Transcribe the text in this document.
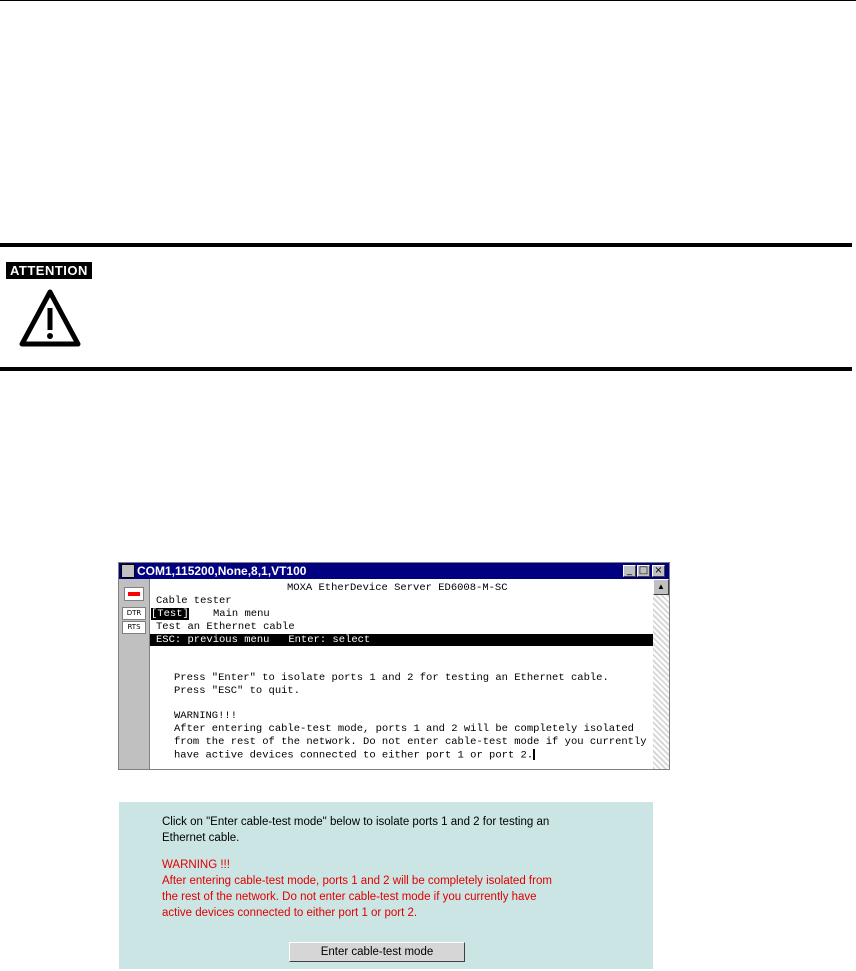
ATTENTION
COM1,115200,None,8,1,VT100	_ □ ×
DTR
RTS
MOXA EtherDevice Server ED6008-M-SC
Cable tester
[Test] Main menu
Test an Ethernet cable
ESC: previous menu   Enter: select
Press "Enter" to isolate ports 1 and 2 for testing an Ethernet cable.
Press "ESC" to quit.
WARNING!!!
After entering cable-test mode, ports 1 and 2 will be completely isolated
from the rest of the network. Do not enter cable-test mode if you currently
have active devices connected to either port 1 or port 2.
▲
Click on "Enter cable-test mode" below to isolate ports 1 and 2 for testing an
Ethernet cable.
WARNING !!!
After entering cable-test mode, ports 1 and 2 will be completely isolated from
the rest of the network. Do not enter cable-test mode if you currently have
active devices connected to either port 1 or port 2.
Enter cable-test mode
